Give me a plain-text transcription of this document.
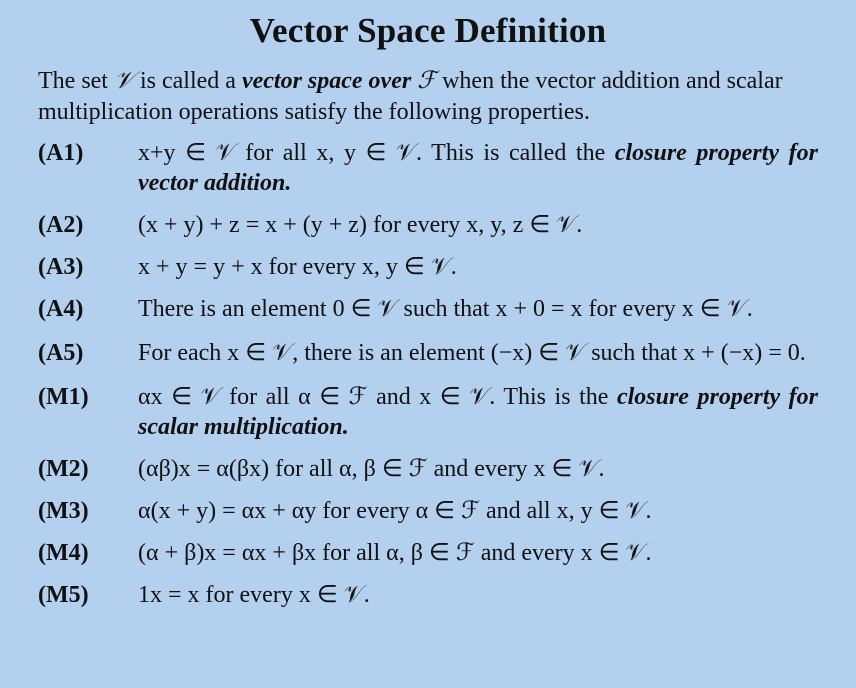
Vector Space Definition
The set 𝒱 is called a vector space over ℱ when the vector addition and scalar multiplication operations satisfy the following properties.
(A1)	x+y ∈ 𝒱 for all x, y ∈ 𝒱. This is called the closure property for vector addition.
(A2)	(x + y) + z = x + (y + z) for every x, y, z ∈ 𝒱.
(A3)	x + y = y + x for every x, y ∈ 𝒱.
(A4)	There is an element 0 ∈ 𝒱 such that x + 0 = x for every x ∈ 𝒱.
(A5)	For each x ∈ 𝒱, there is an element (−x) ∈ 𝒱 such that x + (−x) = 0.
(M1)	αx ∈ 𝒱 for all α ∈ ℱ and x ∈ 𝒱. This is the closure property for scalar multiplication.
(M2)	(αβ)x = α(βx) for all α, β ∈ ℱ and every x ∈ 𝒱.
(M3)	α(x + y) = αx + αy for every α ∈ ℱ and all x, y ∈ 𝒱.
(M4)	(α + β)x = αx + βx for all α, β ∈ ℱ and every x ∈ 𝒱.
(M5)	1x = x for every x ∈ 𝒱.
